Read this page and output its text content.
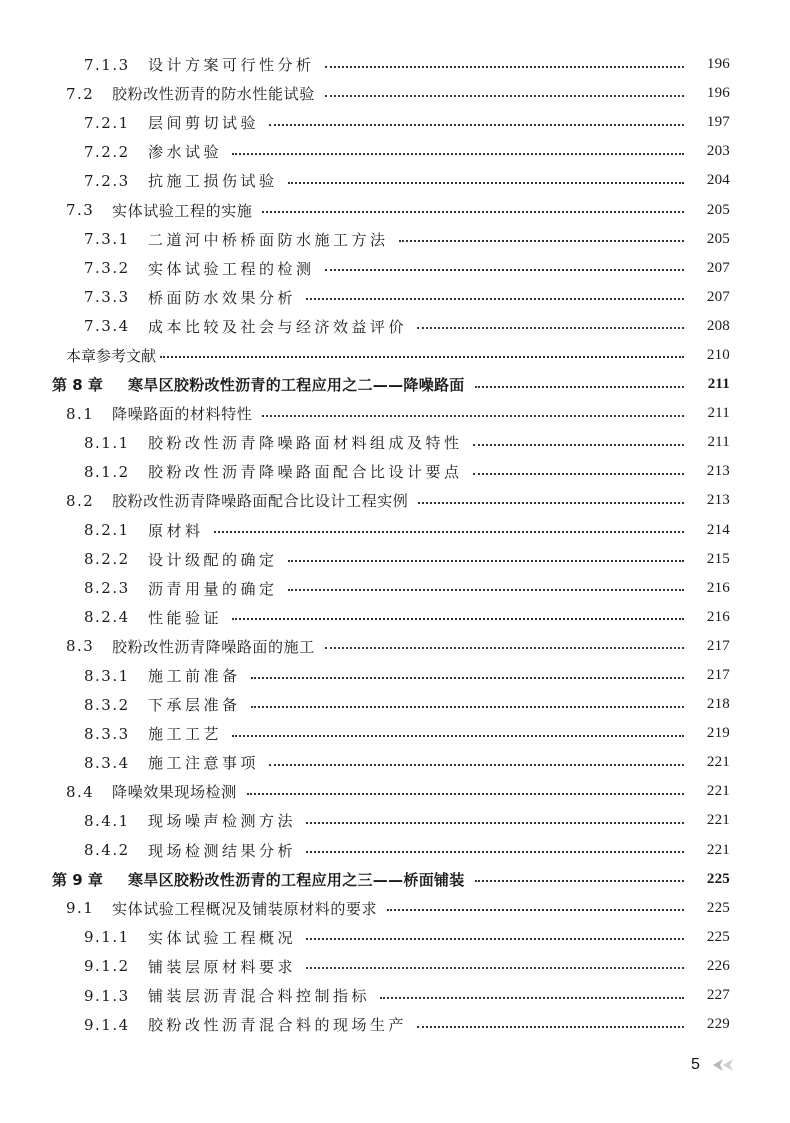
7.1.3	设计方案可行性分析	196
7.2	胶粉改性沥青的防水性能试验	196
7.2.1	层间剪切试验	197
7.2.2	渗水试验	203
7.2.3	抗施工损伤试验	204
7.3	实体试验工程的实施	205
7.3.1	二道河中桥桥面防水施工方法	205
7.3.2	实体试验工程的检测	207
7.3.3	桥面防水效果分析	207
7.3.4	成本比较及社会与经济效益评价	208
本章参考文献	210
第 8 章	寒旱区胶粉改性沥青的工程应用之二——降噪路面	211
8.1	降噪路面的材料特性	211
8.1.1	胶粉改性沥青降噪路面材料组成及特性	211
8.1.2	胶粉改性沥青降噪路面配合比设计要点	213
8.2	胶粉改性沥青降噪路面配合比设计工程实例	213
8.2.1	原材料	214
8.2.2	设计级配的确定	215
8.2.3	沥青用量的确定	216
8.2.4	性能验证	216
8.3	胶粉改性沥青降噪路面的施工	217
8.3.1	施工前准备	217
8.3.2	下承层准备	218
8.3.3	施工工艺	219
8.3.4	施工注意事项	221
8.4	降噪效果现场检测	221
8.4.1	现场噪声检测方法	221
8.4.2	现场检测结果分析	221
第 9 章	寒旱区胶粉改性沥青的工程应用之三——桥面铺装	225
9.1	实体试验工程概况及铺装原材料的要求	225
9.1.1	实体试验工程概况	225
9.1.2	铺装层原材料要求	226
9.1.3	铺装层沥青混合料控制指标	227
9.1.4	胶粉改性沥青混合料的现场生产	229
5
